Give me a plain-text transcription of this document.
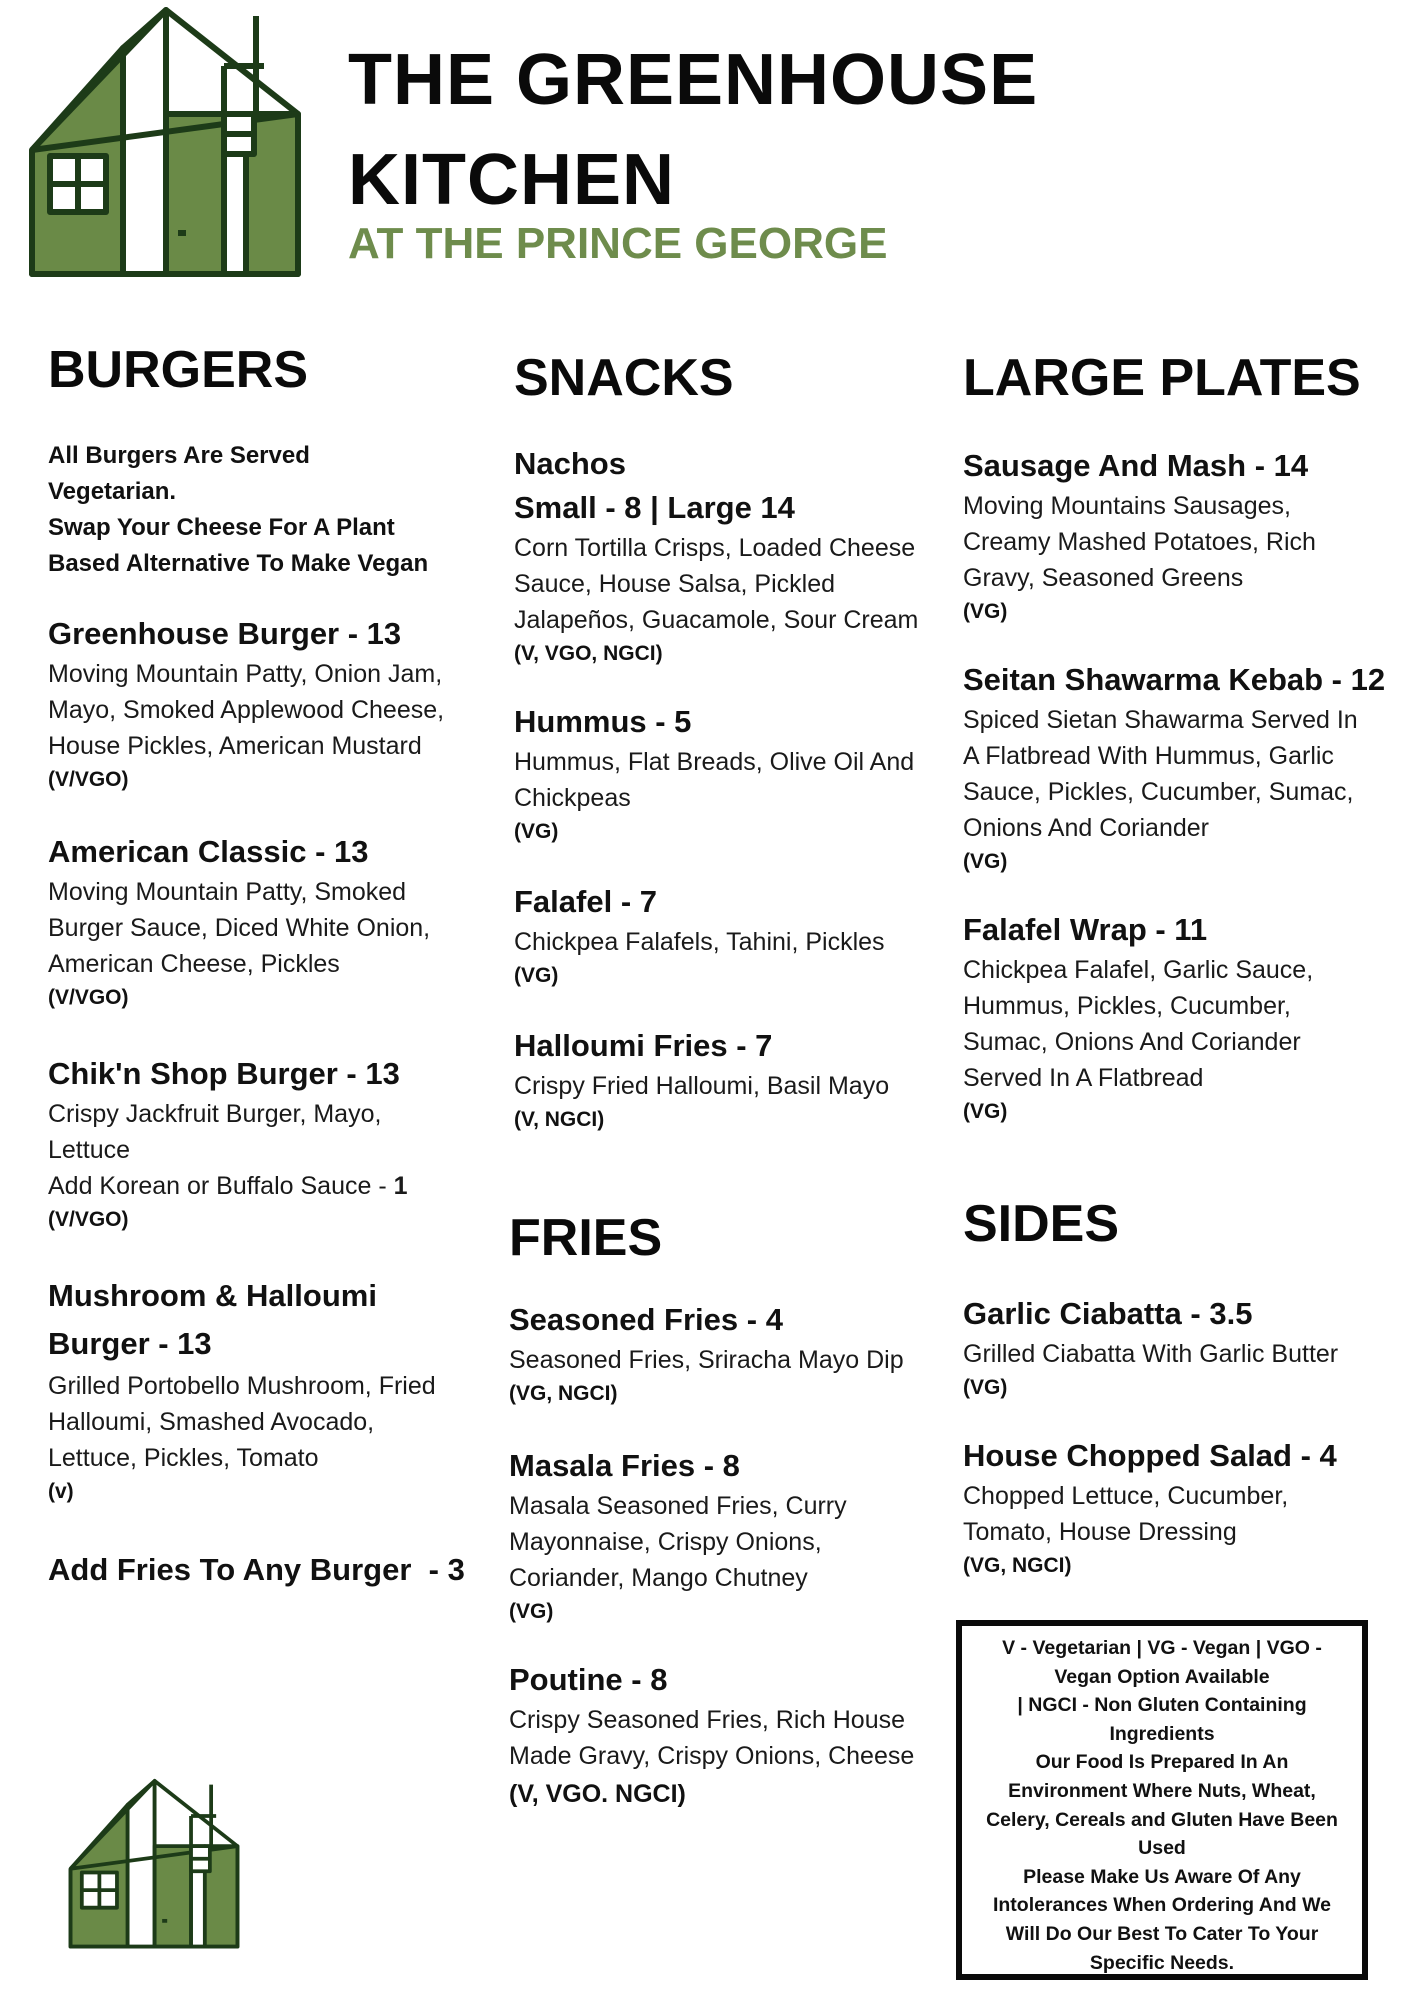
THE GREENHOUSE
KITCHEN
AT THE PRINCE GEORGE
BURGERS
All Burgers Are Served
Vegetarian.
Swap Your Cheese For A Plant
Based Alternative To Make Vegan
Greenhouse Burger - 13
Moving Mountain Patty, Onion Jam,
Mayo, Smoked Applewood Cheese,
House Pickles, American Mustard
(V/VGO)
American Classic - 13
Moving Mountain Patty, Smoked
Burger Sauce, Diced White Onion,
American Cheese, Pickles
(V/VGO)
Chik'n Shop Burger - 13
Crispy Jackfruit Burger, Mayo,
Lettuce
Add Korean or Buffalo Sauce - 1
(V/VGO)
Mushroom & Halloumi
Burger - 13
Grilled Portobello Mushroom, Fried
Halloumi, Smashed Avocado,
Lettuce, Pickles, Tomato
(v)
Add Fries To Any Burger  - 3
SNACKS
Nachos
Small - 8 | Large 14
Corn Tortilla Crisps, Loaded Cheese
Sauce, House Salsa, Pickled
Jalapeños, Guacamole, Sour Cream
(V, VGO, NGCI)
Hummus - 5
Hummus, Flat Breads, Olive Oil And
Chickpeas
(VG)
Falafel - 7
Chickpea Falafels, Tahini, Pickles
(VG)
Halloumi Fries - 7
Crispy Fried Halloumi, Basil Mayo
(V, NGCI)
FRIES
Seasoned Fries - 4
Seasoned Fries, Sriracha Mayo Dip
(VG, NGCI)
Masala Fries - 8
Masala Seasoned Fries, Curry
Mayonnaise, Crispy Onions,
Coriander, Mango Chutney
(VG)
Poutine - 8
Crispy Seasoned Fries, Rich House
Made Gravy, Crispy Onions, Cheese
(V, VGO. NGCI)
LARGE PLATES
Sausage And Mash - 14
Moving Mountains Sausages,
Creamy Mashed Potatoes, Rich
Gravy, Seasoned Greens
(VG)
Seitan Shawarma Kebab - 12
Spiced Sietan Shawarma Served In
A Flatbread With Hummus, Garlic
Sauce, Pickles, Cucumber, Sumac,
Onions And Coriander
(VG)
Falafel Wrap - 11
Chickpea Falafel, Garlic Sauce,
Hummus, Pickles, Cucumber,
Sumac, Onions And Coriander
Served In A Flatbread
(VG)
SIDES
Garlic Ciabatta - 3.5
Grilled Ciabatta With Garlic Butter
(VG)
House Chopped Salad - 4
Chopped Lettuce, Cucumber,
Tomato, House Dressing
(VG, NGCI)
V - Vegetarian | VG - Vegan | VGO -
Vegan Option Available
| NGCI - Non Gluten Containing
Ingredients
Our Food Is Prepared In An
Environment Where Nuts, Wheat,
Celery, Cereals and Gluten Have Been
Used
Please Make Us Aware Of Any
Intolerances When Ordering And We
Will Do Our Best To Cater To Your
Specific Needs.
